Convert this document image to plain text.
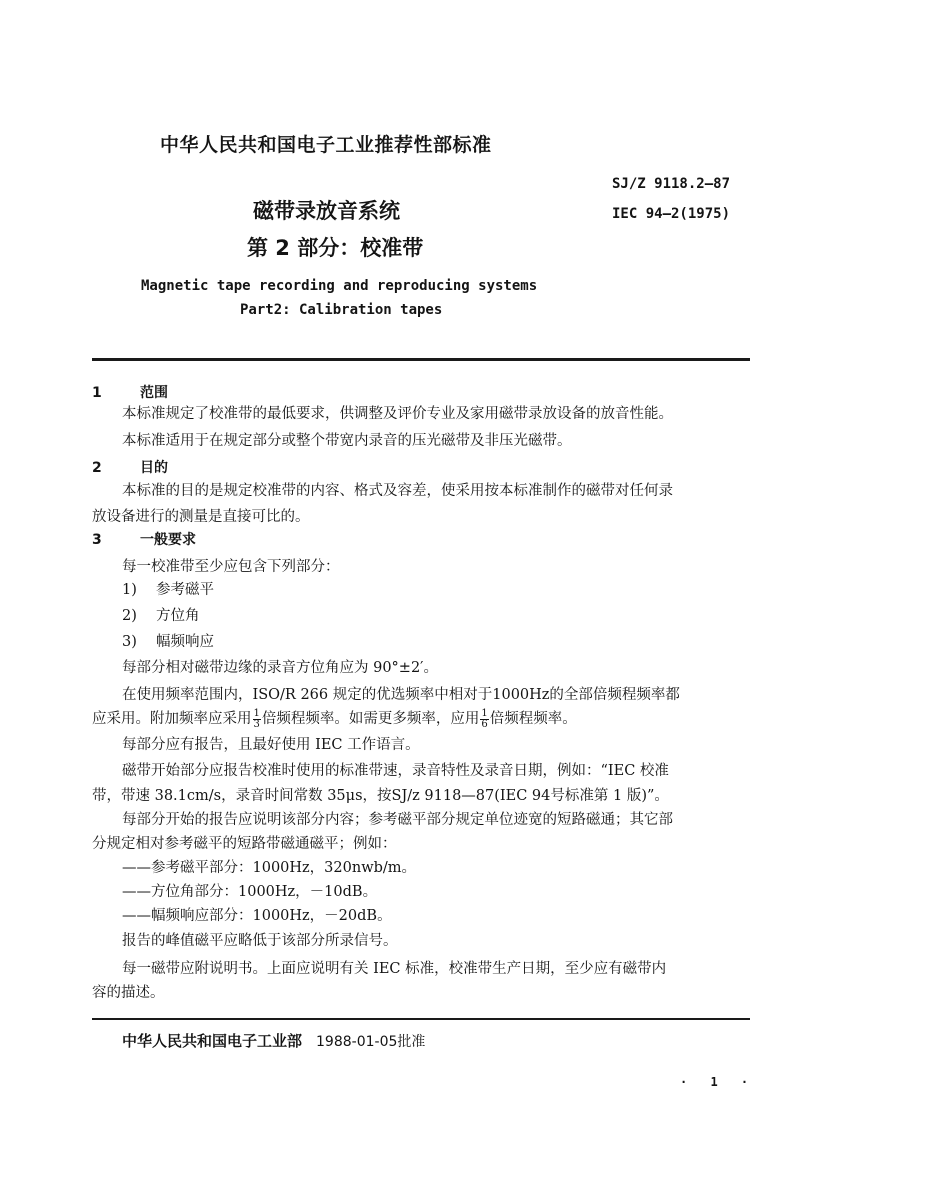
中华人民共和国电子工业推荐性部标准
SJ/Z 9118.2—87
IEC 94—2(1975)
磁带录放音系统
第 2 部分：校准带
Magnetic tape recording and reproducing systems
Part2: Calibration tapes
1	范围
本标准规定了校准带的最低要求，供调整及评价专业及家用磁带录放设备的放音性能。
本标准适用于在规定部分或整个带宽内录音的压光磁带及非压光磁带。
2	目的
本标准的目的是规定校准带的内容、格式及容差，使采用按本标准制作的磁带对任何录
放设备进行的测量是直接可比的。
3	一般要求
每一校准带至少应包含下列部分：
1) 参考磁平
2) 方位角
3) 幅频响应
每部分相对磁带边缘的录音方位角应为 90°±2′。
在使用频率范围内，ISO/R 266 规定的优选频率中相对于1000Hz的全部倍频程频率都
应采用。附加频率应采用 $\frac{1}{3}$ 倍频程频率。如需更多频率，应用 $\frac{1}{6}$ 倍频程频率。
每部分应有报告，且最好使用 IEC 工作语言。
磁带开始部分应报告校准时使用的标准带速，录音特性及录音日期，例如：“IEC 校准
带，带速 38.1cm/s，录音时间常数 35μs，按SJ/z 9118—87(IEC 94号标准第 1 版)”。
每部分开始的报告应说明该部分内容；参考磁平部分规定单位迹宽的短路磁通；其它部
分规定相对参考磁平的短路带磁通磁平；例如：
——参考磁平部分：1000Hz，320nwb/m。
——方位角部分：1000Hz，－10dB。
——幅频响应部分：1000Hz，－20dB。
报告的峰值磁平应略低于该部分所录信号。
每一磁带应附说明书。上面应说明有关 IEC 标准，校准带生产日期，至少应有磁带内
容的描述。
中华人民共和国电子工业部 1988-01-05批准
· 1 ·
